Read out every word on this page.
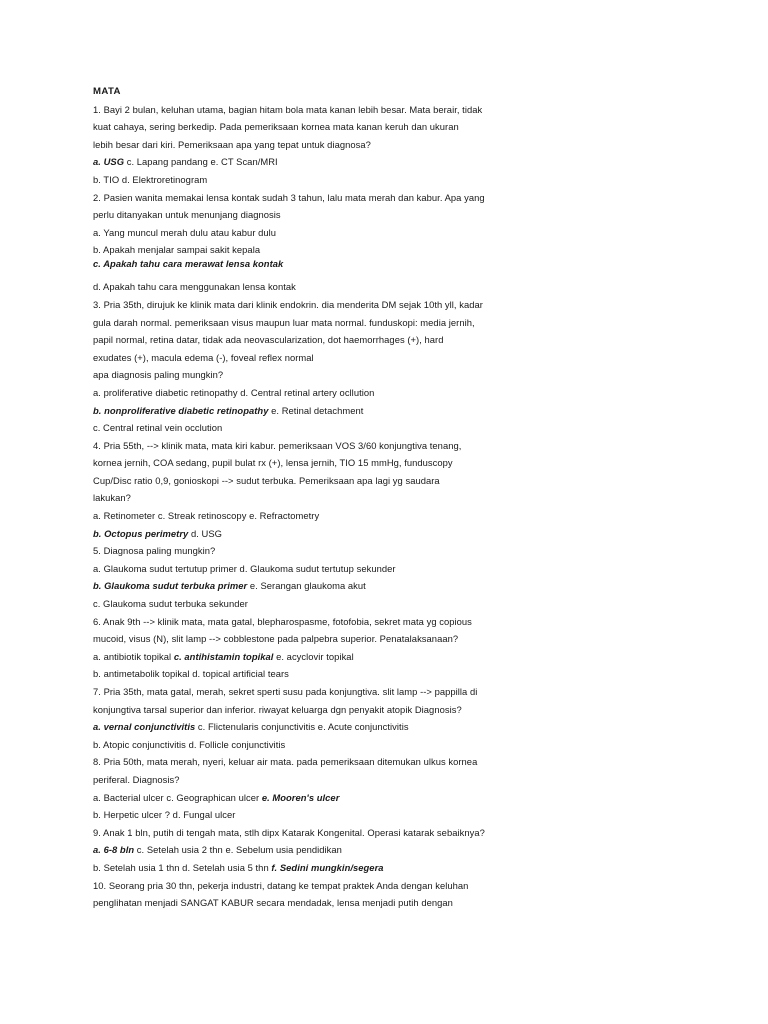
MATA
1. Bayi 2 bulan, keluhan utama, bagian hitam bola mata kanan lebih besar. Mata berair, tidak
kuat cahaya, sering berkedip. Pada pemeriksaan kornea mata kanan keruh dan ukuran
lebih besar dari kiri. Pemeriksaan apa yang tepat untuk diagnosa?
a. USG c. Lapang pandang e. CT Scan/MRI
b. TIO d. Elektroretinogram
2. Pasien wanita memakai lensa kontak sudah 3 tahun, lalu mata merah dan kabur. Apa yang
perlu ditanyakan untuk menunjang diagnosis
a. Yang muncul merah dulu atau kabur dulu
b. Apakah menjalar sampai sakit kepala
c. Apakah tahu cara merawat lensa kontak
d. Apakah tahu cara menggunakan lensa kontak
3. Pria 35th, dirujuk ke klinik mata dari klinik endokrin. dia menderita DM sejak 10th yll, kadar
gula darah normal. pemeriksaan visus maupun luar mata normal. funduskopi: media jernih,
papil normal, retina datar, tidak ada neovascularization, dot haemorrhages (+), hard
exudates (+), macula edema (-), foveal reflex normal
apa diagnosis paling mungkin?
a. proliferative diabetic retinopathy d. Central retinal artery ocllution
b. nonproliferative diabetic retinopathy e. Retinal detachment
c. Central retinal vein occlution
4. Pria 55th, --> klinik mata, mata kiri kabur. pemeriksaan VOS 3/60 konjungtiva tenang,
kornea jernih, COA sedang, pupil bulat rx (+), lensa jernih, TIO 15 mmHg, funduscopy
Cup/Disc ratio 0,9, gonioskopi --> sudut terbuka. Pemeriksaan apa lagi yg saudara
lakukan?
a. Retinometer c. Streak retinoscopy e. Refractometry
b. Octopus perimetry d. USG
5. Diagnosa paling mungkin?
a. Glaukoma sudut tertutup primer d. Glaukoma sudut tertutup sekunder
b. Glaukoma sudut terbuka primer e. Serangan glaukoma akut
c. Glaukoma sudut terbuka sekunder
6. Anak 9th --> klinik mata, mata gatal, blepharospasme, fotofobia, sekret mata yg copious
mucoid, visus (N), slit lamp --> cobblestone pada palpebra superior. Penatalaksanaan?
a. antibiotik topikal c. antihistamin topikal e. acyclovir topikal
b. antimetabolik topikal d. topical artificial tears
7. Pria 35th, mata gatal, merah, sekret sperti susu pada konjungtiva. slit lamp --> pappilla di
konjungtiva tarsal superior dan inferior. riwayat keluarga dgn penyakit atopik Diagnosis?
a. vernal conjunctivitis c. Flictenularis conjunctivitis e. Acute conjunctivitis
b. Atopic conjunctivitis d. Follicle conjunctivitis
8. Pria 50th, mata merah, nyeri, keluar air mata. pada pemeriksaan ditemukan ulkus kornea
periferal. Diagnosis?
a. Bacterial ulcer c. Geographican ulcer e. Mooren's ulcer
b. Herpetic ulcer ? d. Fungal ulcer
9. Anak 1 bln, putih di tengah mata, stlh dipx Katarak Kongenital. Operasi katarak sebaiknya?
a. 6-8 bln c. Setelah usia 2 thn e. Sebelum usia pendidikan
b. Setelah usia 1 thn d. Setelah usia 5 thn f. Sedini mungkin/segera
10. Seorang pria 30 thn, pekerja industri, datang ke tempat praktek Anda dengan keluhan
penglihatan menjadi SANGAT KABUR secara mendadak, lensa menjadi putih dengan
